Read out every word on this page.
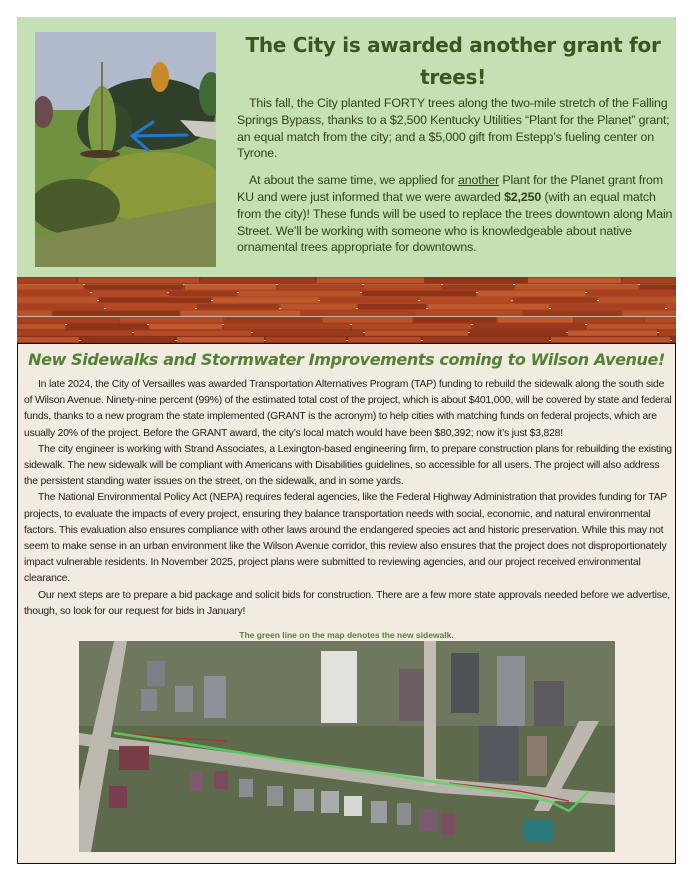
The City is awarded another grant for trees!

This fall, the City planted FORTY trees along the two-mile stretch of the Falling Springs Bypass, thanks to a $2,500 Kentucky Utilities “Plant for the Planet” grant; an equal match from the city; and a $5,000 gift from Estepp’s fueling center on Tyrone.

At about the same time, we applied for another Plant for the Planet grant from KU and were just informed that we were awarded $2,250 (with an equal match from the city)! These funds will be used to replace the trees downtown along Main Street. We’ll be working with someone who is knowledgeable about native ornamental trees appropriate for downtowns.

New Sidewalks and Stormwater Improvements coming to Wilson Avenue!

In late 2024, the City of Versailles was awarded Transportation Alternatives Program (TAP) funding to rebuild the sidewalk along the south side of Wilson Avenue. Ninety-nine percent (99%) of the estimated total cost of the project, which is about $401,000, will be covered by state and federal funds, thanks to a new program the state implemented (GRANT is the acronym) to help cities with matching funds on federal projects, which are usually 20% of the project. Before the GRANT award, the city’s local match would have been $80,392; now it’s just $3,828!

The city engineer is working with Strand Associates, a Lexington-based engineering firm, to prepare construction plans for rebuilding the existing sidewalk. The new sidewalk will be compliant with Americans with Disabilities guidelines, so accessible for all users. The project will also address the persistent standing water issues on the street, on the sidewalk, and in some yards.

The National Environmental Policy Act (NEPA) requires federal agencies, like the Federal Highway Administration that provides funding for TAP projects, to evaluate the impacts of every project, ensuring they balance transportation needs with social, economic, and natural environmental factors. This evaluation also ensures compliance with other laws around the endangered species act and historic preservation. While this may not seem to make sense in an urban environment like the Wilson Avenue corridor, this review also ensures that the project does not disproportionately impact vulnerable residents. In November 2025, project plans were submitted to reviewing agencies, and our project received environmental clearance.

Our next steps are to prepare a bid package and solicit bids for construction. There are a few more state approvals needed before we advertise, though, so look for our request for bids in January!

The green line on the map denotes the new sidewalk.
